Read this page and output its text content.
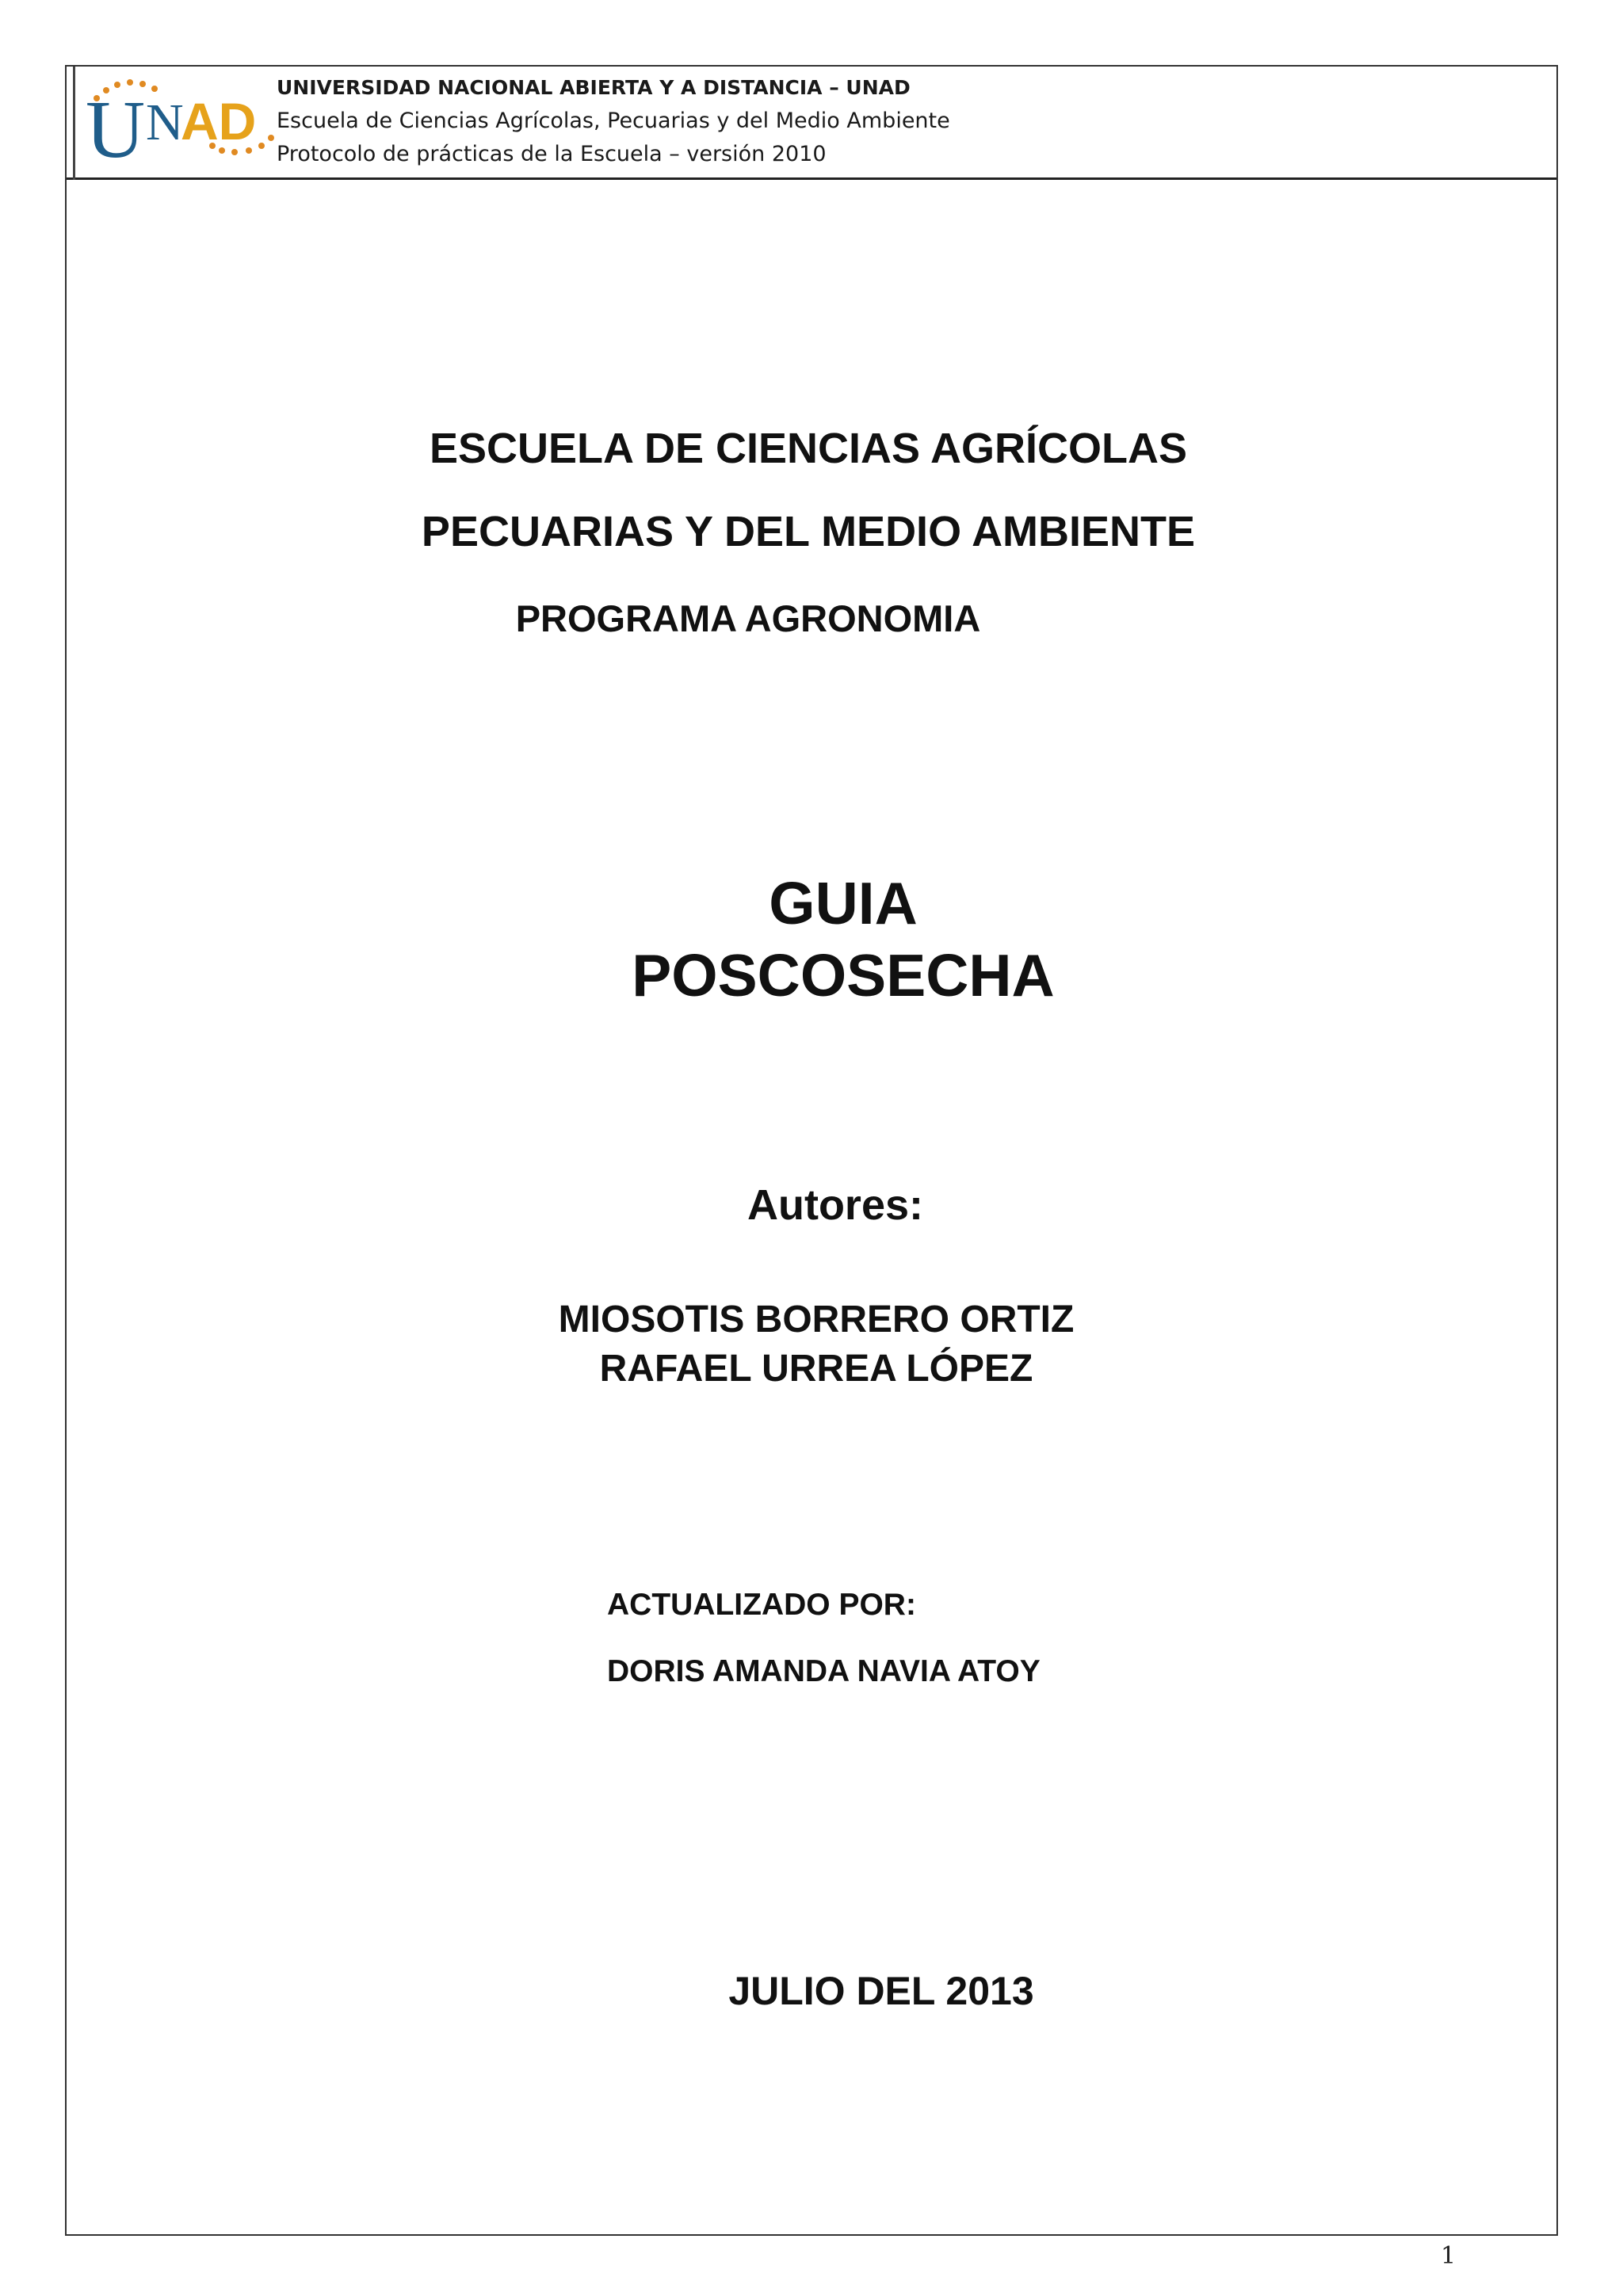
U N
AD
UNIVERSIDAD NACIONAL ABIERTA Y A DISTANCIA – UNAD
Escuela de Ciencias Agrícolas, Pecuarias y del Medio Ambiente
Protocolo de prácticas de la Escuela – versión 2010
ESCUELA DE CIENCIAS AGRÍCOLAS
PECUARIAS Y DEL MEDIO AMBIENTE
PROGRAMA AGRONOMIA
GUIA
POSCOSECHA
Autores:
MIOSOTIS BORRERO ORTIZ
RAFAEL URREA LÓPEZ
ACTUALIZADO POR:
DORIS AMANDA NAVIA ATOY
JULIO DEL 2013
1
